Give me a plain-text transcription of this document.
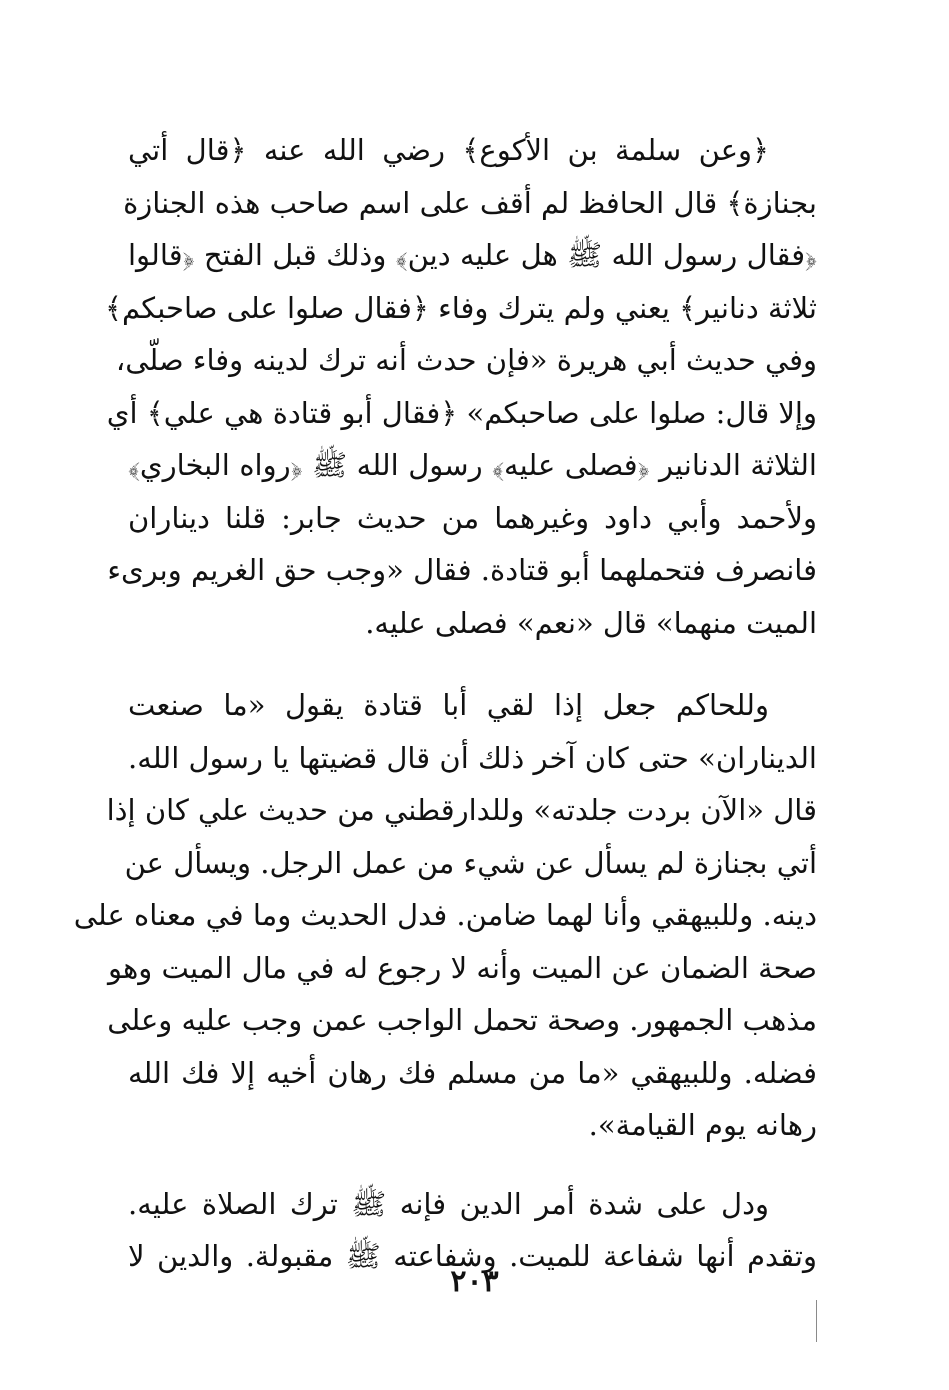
﴿وعن سلمة بن الأكوع﴾ رضي الله عنه ﴿قال أتي
بجنازة﴾ قال الحافظ لم أقف على اسم صاحب هذه الجنازة
﴿فقال رسول الله ﷺ هل عليه دين﴾ وذلك قبل الفتح ﴿قالوا
ثلاثة دنانير﴾ يعني ولم يترك وفاء ﴿فقال صلوا على صاحبكم﴾
وفي حديث أبي هريرة «فإن حدث أنه ترك لدينه وفاء صلّى،
وإلا قال: صلوا على صاحبكم» ﴿فقال أبو قتادة هي علي﴾ أي
الثلاثة الدنانير ﴿فصلى عليه﴾ رسول الله ﷺ ﴿رواه البخاري﴾
ولأحمد وأبي داود وغيرهما من حديث جابر: قلنا ديناران
فانصرف فتحملهما أبو قتادة. فقال «وجب حق الغريم وبرىء
الميت منهما» قال «نعم» فصلى عليه.
وللحاكم جعل إذا لقي أبا قتادة يقول «ما صنعت
الديناران» حتى كان آخر ذلك أن قال قضيتها يا رسول الله.
قال «الآن بردت جلدته» وللدارقطني من حديث علي كان إذا
أتي بجنازة لم يسأل عن شيء من عمل الرجل. ويسأل عن
دينه. وللبيهقي وأنا لهما ضامن. فدل الحديث وما في معناه على
صحة الضمان عن الميت وأنه لا رجوع له في مال الميت وهو
مذهب الجمهور. وصحة تحمل الواجب عمن وجب عليه وعلى
فضله. وللبيهقي «ما من مسلم فك رهان أخيه إلا فك الله
رهانه يوم القيامة».
ودل على شدة أمر الدين فإنه ﷺ ترك الصلاة عليه.
وتقدم أنها شفاعة للميت. وشفاعته ﷺ مقبولة. والدين لا
٢٠٣
